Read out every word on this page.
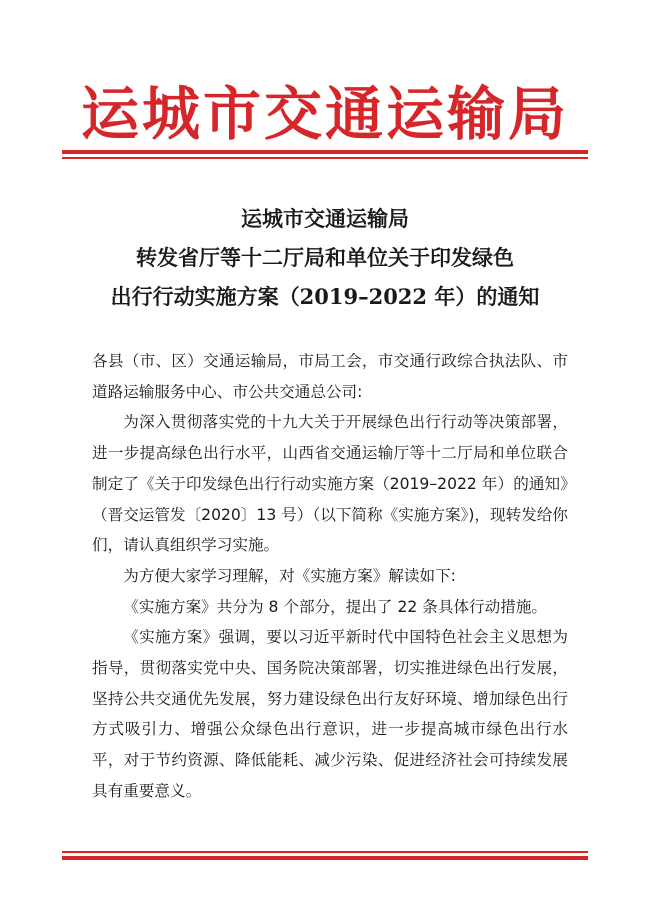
运城市交通运输局
运城市交通运输局
转发省厅等十二厅局和单位关于印发绿色
出行行动实施方案（2019–2022 年）的通知

各县（市、区）交通运输局，市局工会，市交通行政综合执法队、市道路运输服务中心、市公共交通总公司:

为深入贯彻落实党的十九大关于开展绿色出行行动等决策部署，进一步提高绿色出行水平，山西省交通运输厅等十二厅局和单位联合制定了《关于印发绿色出行行动实施方案（2019–2022 年）的通知》（晋交运管发〔2020〕13 号）（以下简称《实施方案》)，现转发给你们，请认真组织学习实施。

为方便大家学习理解，对《实施方案》解读如下:

《实施方案》共分为 8 个部分，提出了 22 条具体行动措施。

《实施方案》强调，要以习近平新时代中国特色社会主义思想为指导，贯彻落实党中央、国务院决策部署，切实推进绿色出行发展，坚持公共交通优先发展，努力建设绿色出行友好环境、增加绿色出行方式吸引力、增强公众绿色出行意识，进一步提高城市绿色出行水平，对于节约资源、降低能耗、减少污染、促进经济社会可持续发展具有重要意义。
